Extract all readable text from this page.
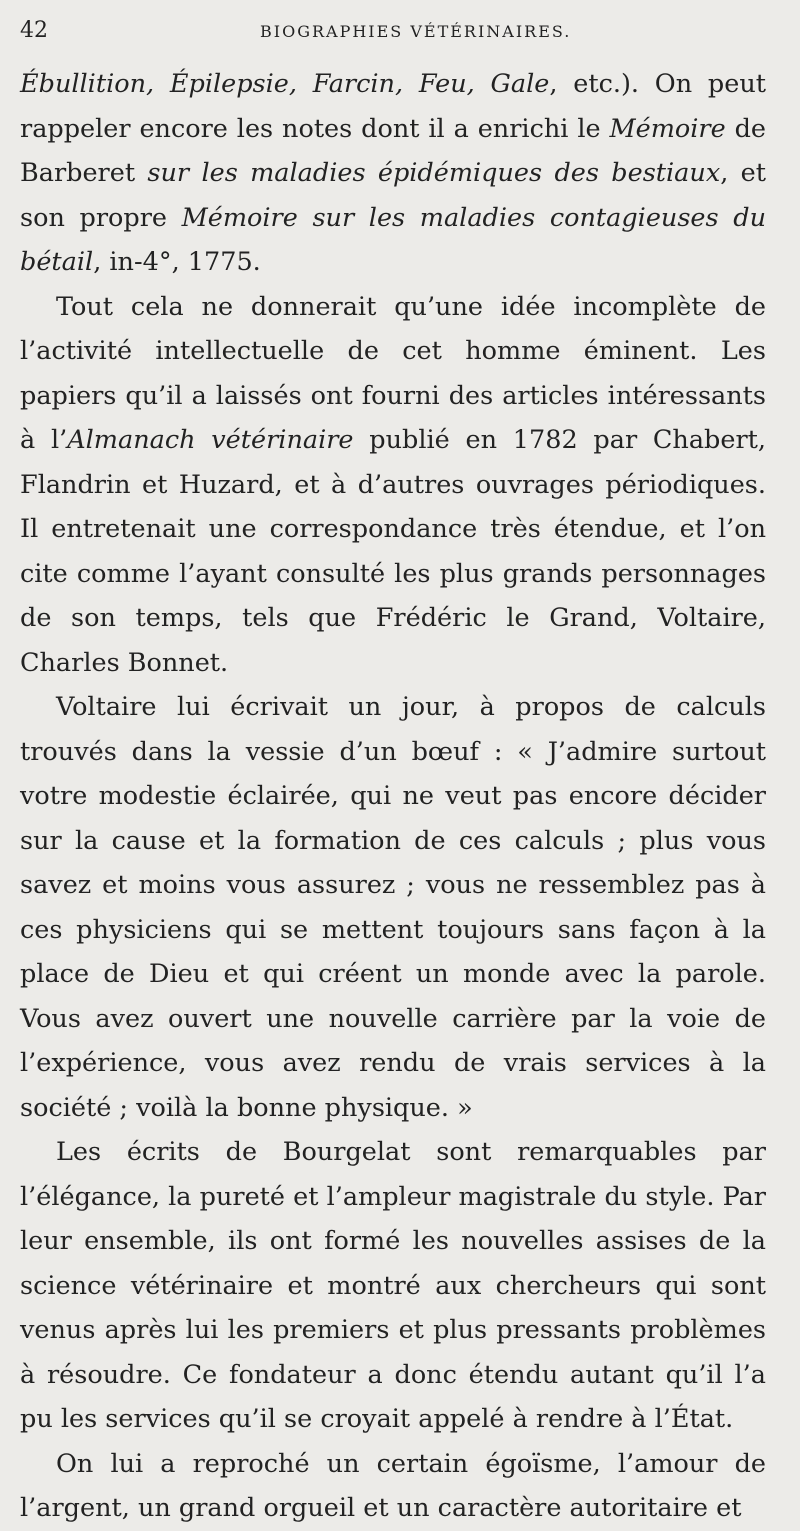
42	BIOGRAPHIES VÉTÉRINAIRES.

Ébullition, Épilepsie, Farcin, Feu, Gale, etc.). On peut rappeler encore les notes dont il a enrichi le Mémoire de Barberet sur les maladies épidémiques des bestiaux, et son propre Mémoire sur les maladies contagieuses du bétail, in-4°, 1775.

Tout cela ne donnerait qu’une idée incomplète de l’activité intellectuelle de cet homme éminent. Les papiers qu’il a laissés ont fourni des articles intéressants à l’Almanach vétérinaire publié en 1782 par Chabert, Flandrin et Huzard, et à d’autres ouvrages périodiques. Il entretenait une correspondance très étendue, et l’on cite comme l’ayant consulté les plus grands personnages de son temps, tels que Frédéric le Grand, Voltaire, Charles Bonnet.

Voltaire lui écrivait un jour, à propos de calculs trouvés dans la vessie d’un bœuf : « J’admire surtout votre modestie éclairée, qui ne veut pas encore décider sur la cause et la formation de ces calculs ; plus vous savez et moins vous assurez ; vous ne ressemblez pas à ces physiciens qui se mettent toujours sans façon à la place de Dieu et qui créent un monde avec la parole. Vous avez ouvert une nouvelle carrière par la voie de l’expérience, vous avez rendu de vrais services à la société ; voilà la bonne physique. »

Les écrits de Bourgelat sont remarquables par l’élégance, la pureté et l’ampleur magistrale du style. Par leur ensemble, ils ont formé les nouvelles assises de la science vétérinaire et montré aux chercheurs qui sont venus après lui les premiers et plus pressants problèmes à résoudre. Ce fondateur a donc étendu autant qu’il l’a pu les services qu’il se croyait appelé à rendre à l’État.

On lui a reproché un certain égoïsme, l’amour de l’argent, un grand orgueil et un caractère autoritaire et
